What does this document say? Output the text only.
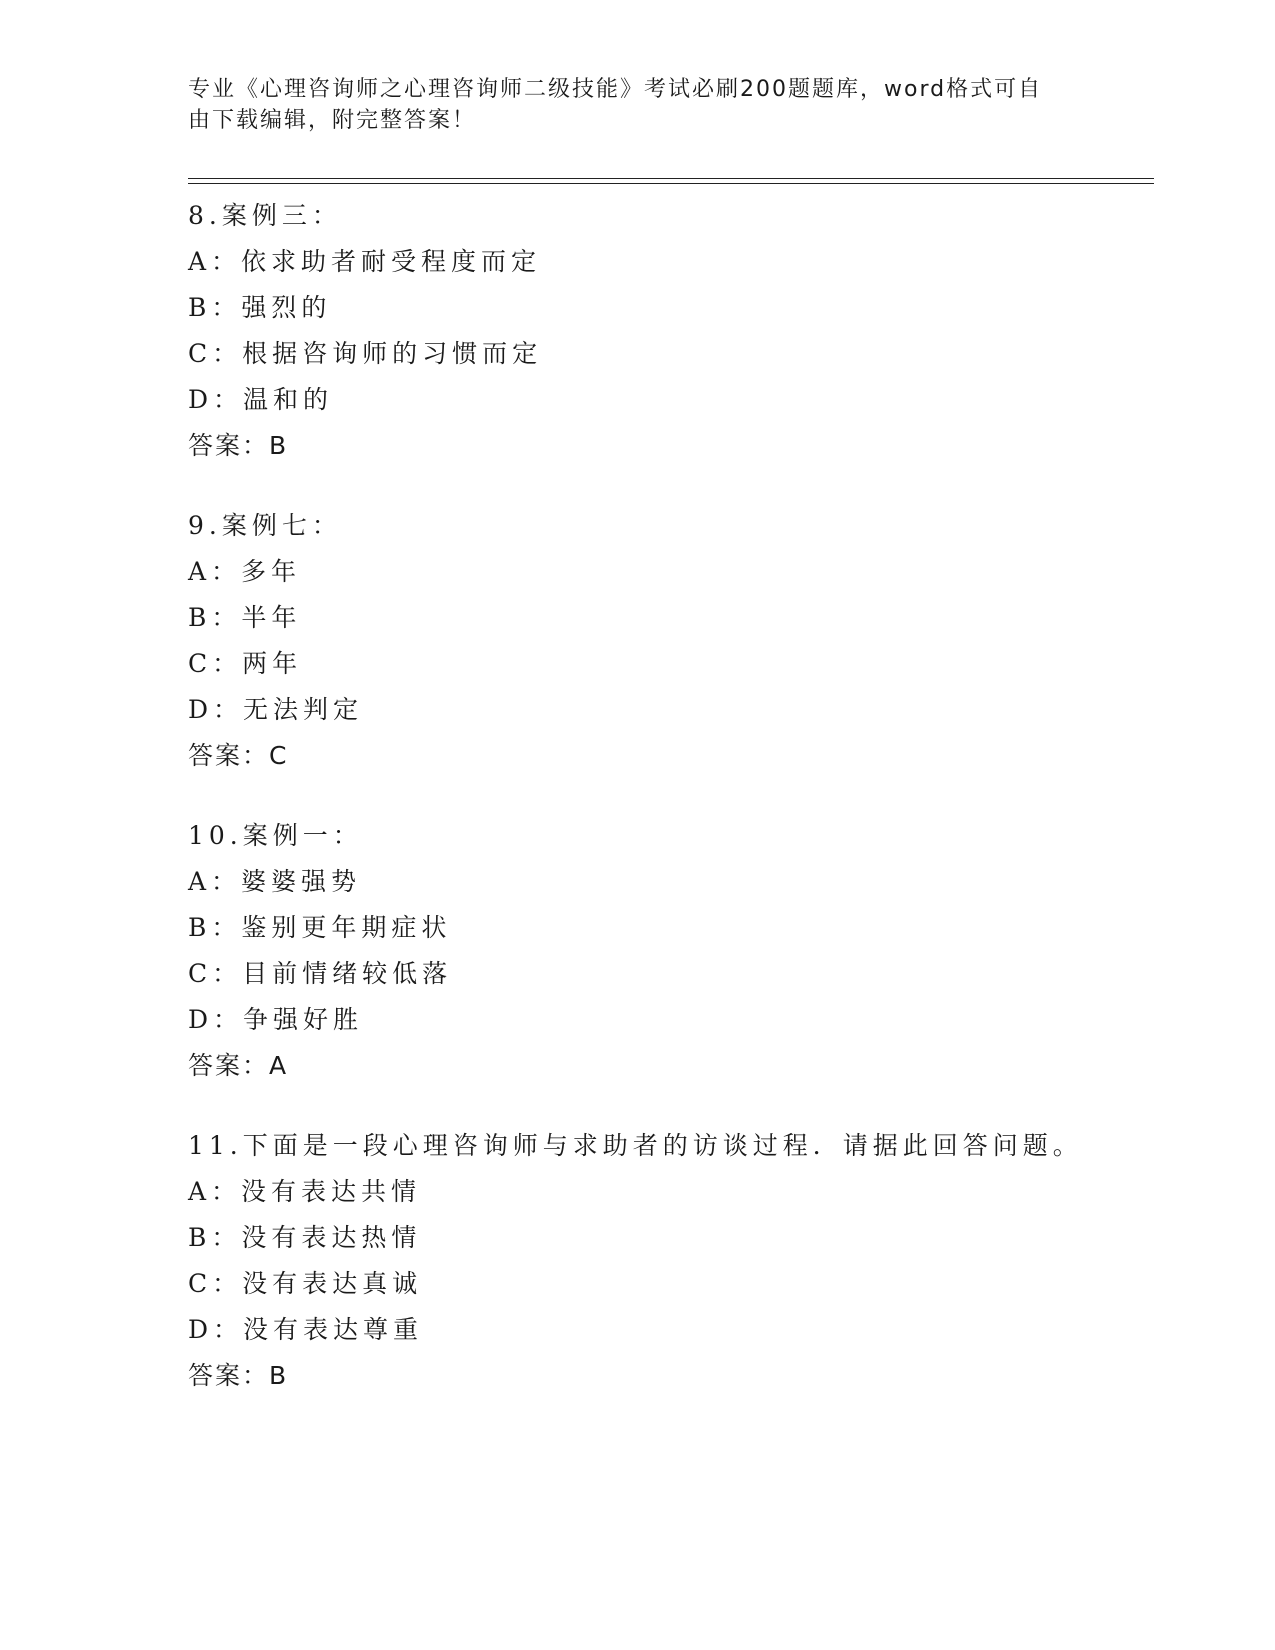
专业《心理咨询师之心理咨询师二级技能》考试必刷200题题库，word格式可自
由下载编辑，附完整答案！
8.案例三：
A：依求助者耐受程度而定
B：强烈的
C：根据咨询师的习惯而定
D：温和的
答案：B
9.案例七：
A：多年
B：半年
C：两年
D：无法判定
答案：C
10.案例一：
A：婆婆强势
B：鉴别更年期症状
C：目前情绪较低落
D：争强好胜
答案：A
11.下面是一段心理咨询师与求助者的访谈过程．请据此回答问题。
A：没有表达共情
B：没有表达热情
C：没有表达真诚
D：没有表达尊重
答案：B
